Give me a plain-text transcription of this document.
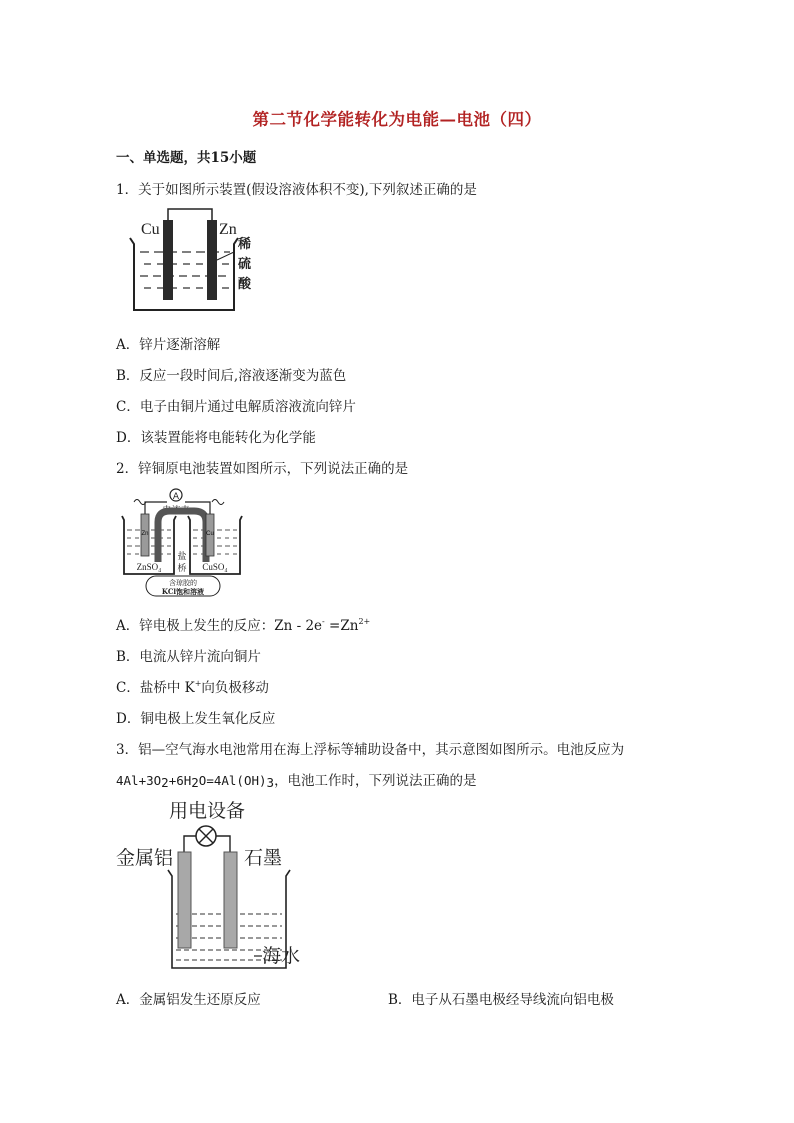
第二节化学能转化为电能—电池（四）
一、单选题，共15小题
1．关于如图所示装置(假设溶液体积不变),下列叙述正确的是
Cu	Zn
稀
硫
酸
A．锌片逐渐溶解
B．反应一段时间后,溶液逐渐变为蓝色
C．电子由铜片通过电解质溶液流向锌片
D．该装置能将电能转化为化学能
2．锌铜原电池装置如图所示，下列说法正确的是
A
电流表
Zn	Cu
盐
桥
ZnSO₄	CuSO₄
含琼胶的
KCl饱和溶液
A．锌电极上发生的反应：$Zn - 2e^- =Zn^{2+}$
B．电流从锌片流向铜片
C．盐桥中 K+向负极移动
D．铜电极上发生氧化反应
3．铝—空气海水电池常用在海上浮标等辅助设备中，其示意图如图所示。电池反应为
$4Al+3O_2+6H_2O=4Al(OH)_3$，电池工作时，下列说法正确的是
用电设备
金属铝	石墨
海水
A．金属铝发生还原反应	B．电子从石墨电极经导线流向铝电极
